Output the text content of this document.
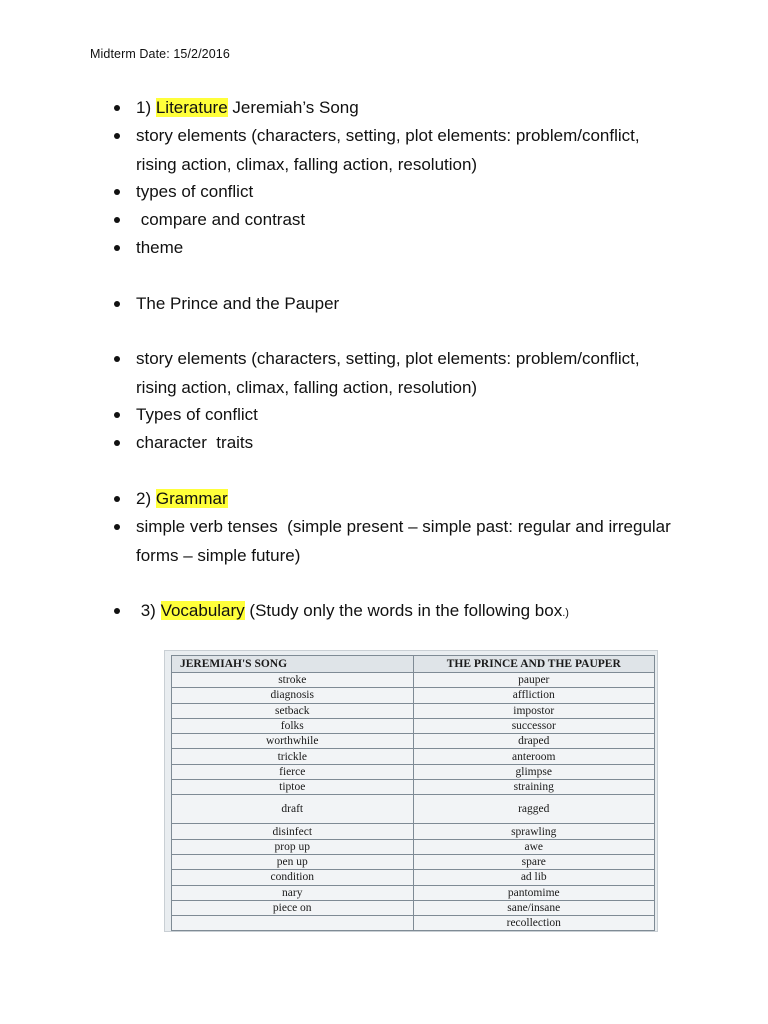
Midterm Date: 15/2/2016
1) Literature Jeremiah’s Song
story elements (characters, setting, plot elements: problem/conflict, rising action, climax, falling action, resolution)
types of conflict
compare and contrast
theme
The Prince and the Pauper
story elements (characters, setting, plot elements: problem/conflict, rising action, climax, falling action, resolution)
Types of conflict
character  traits
2) Grammar
simple verb tenses  (simple present – simple past: regular and irregular forms – simple future)
3) Vocabulary (Study only the words in the following box.)
JEREMIAH'S SONG	THE PRINCE AND THE PAUPER
stroke	pauper
diagnosis	affliction
setback	impostor
folks	successor
worthwhile	draped
trickle	anteroom
fierce	glimpse
tiptoe	straining
draft	ragged
disinfect	sprawling
prop up	awe
pen up	spare
condition	ad lib
nary	pantomime
piece on	sane/insane
	recollection
